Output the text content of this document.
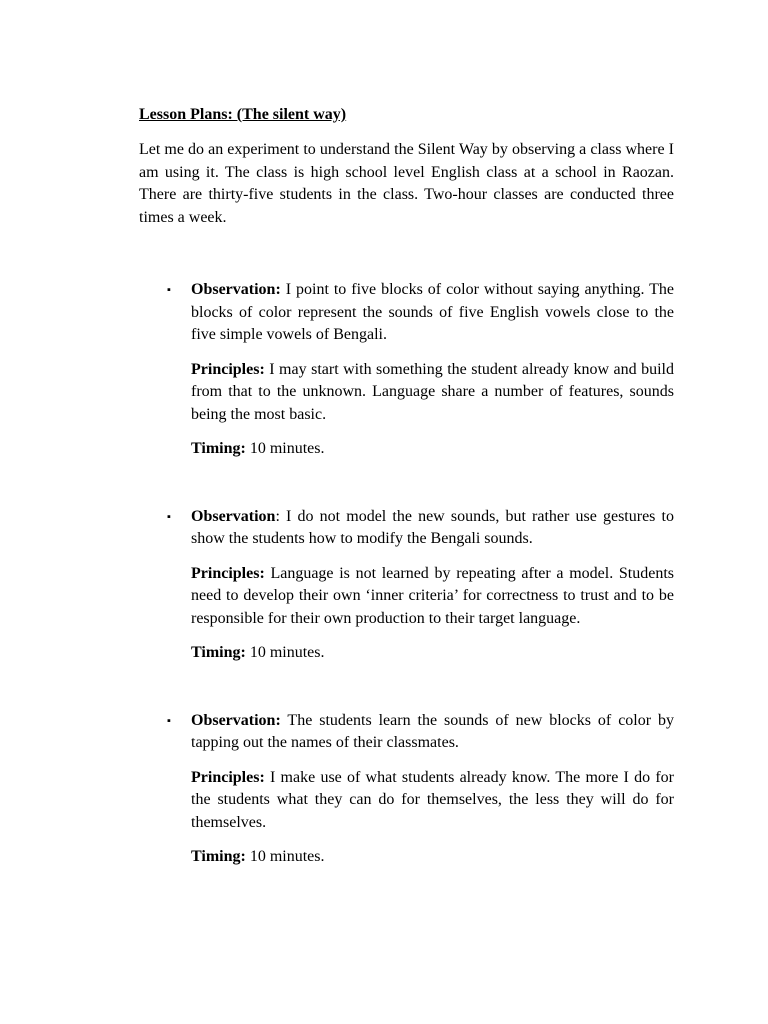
Lesson Plans: (The silent way)

Let me do an experiment to understand the Silent Way by observing a class where I am using it. The class is high school level English class at a school in Raozan. There are thirty-five students in the class. Two-hour classes are conducted three times a week.

▪ Observation: I point to five blocks of color without saying anything. The blocks of color represent the sounds of five English vowels close to the five simple vowels of Bengali.

Principles: I may start with something the student already know and build from that to the unknown. Language share a number of features, sounds being the most basic.

Timing: 10 minutes.

▪ Observation: I do not model the new sounds, but rather use gestures to show the students how to modify the Bengali sounds.

Principles: Language is not learned by repeating after a model. Students need to develop their own ‘inner criteria’ for correctness to trust and to be responsible for their own production to their target language.

Timing: 10 minutes.

▪ Observation: The students learn the sounds of new blocks of color by tapping out the names of their classmates.

Principles: I make use of what students already know. The more I do for the students what they can do for themselves, the less they will do for themselves.

Timing: 10 minutes.
